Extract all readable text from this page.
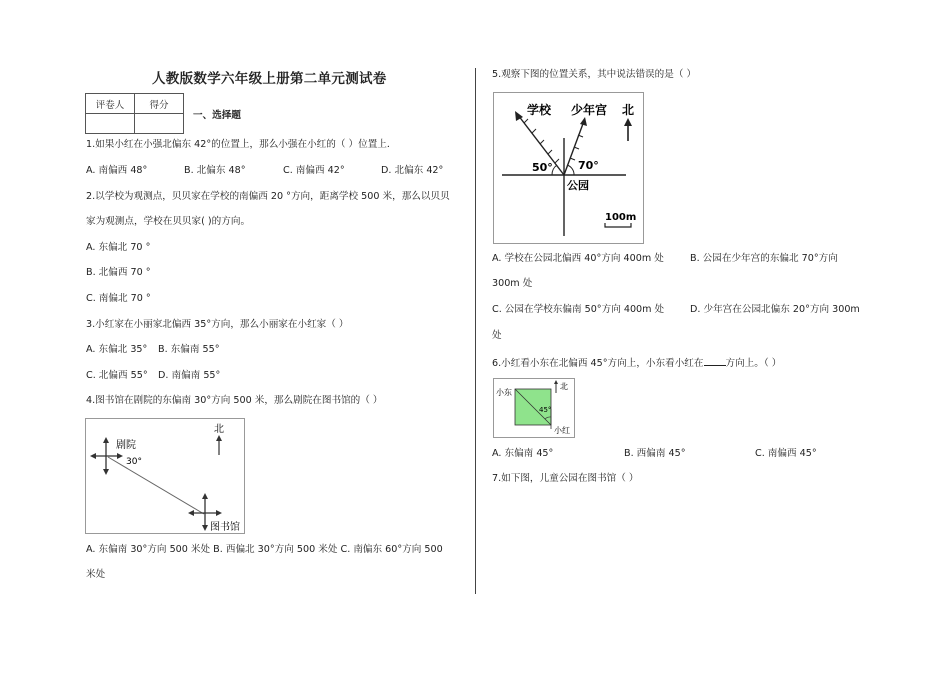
人教版数学六年级上册第二单元测试卷
评卷人	得分

一、选择题
1.如果小红在小强北偏东 42°的位置上，那么小强在小红的（ ）位置上．
A. 南偏西 48°	B. 北偏东 48°	C. 南偏西 42°	D. 北偏东 42°
2.以学校为观测点，贝贝家在学校的南偏西 20 °方向，距离学校 500 米，那么以贝贝
家为观测点，学校在贝贝家( )的方向。
A. 东偏北 70 °
B. 北偏西 70 °
C. 南偏北 70 °
3.小红家在小丽家北偏西 35°方向，那么小丽家在小红家（ ）
A. 东偏北 35° B. 东偏南 55°
C. 北偏西 55° D. 南偏南 55°
4.图书馆在剧院的东偏南 30°方向 500 米，那么剧院在图书馆的（ ）
剧院
30°
北
图书馆
A. 东偏南 30°方向 500 米处 B. 西偏北 30°方向 500 米处 C. 南偏东 60°方向 500
米处
5.观察下图的位置关系，其中说法错误的是（ ）
学校 少年宫 北
50° 70°
公园
100m
A. 学校在公园北偏西 40°方向 400m 处	B. 公园在少年宫的东偏北 70°方向
300m 处
C. 公园在学校东偏南 50°方向 400m 处	D. 少年宫在公园北偏东 20°方向 300m
处
6.小红看小东在北偏西 45°方向上，小东看小红在 方向上。（ ）
小东
北
45°
小红
A. 东偏南 45°	B. 西偏南 45°	C. 南偏西 45°
7.如下图，儿童公园在图书馆（ ）
